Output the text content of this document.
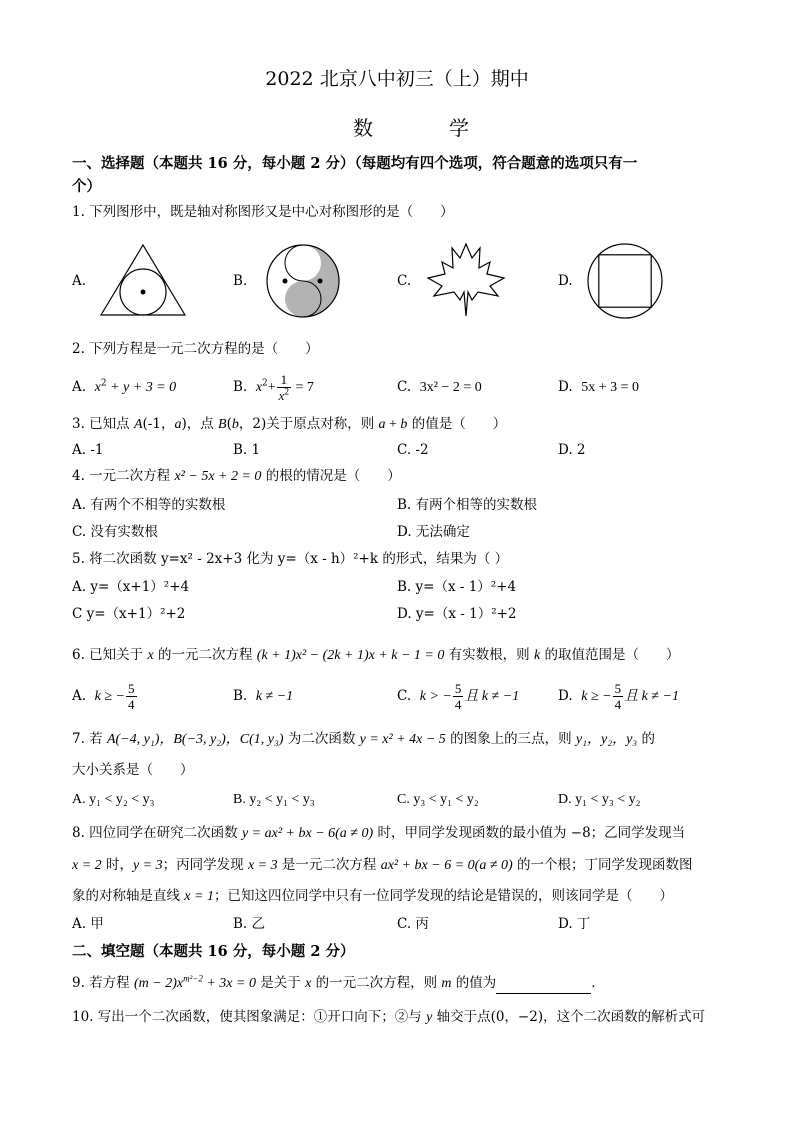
2022 北京八中初三（上）期中
数　学
一、选择题（本题共 16 分，每小题 2 分）（每题均有四个选项，符合题意的选项只有一
个）
1. 下列图形中，既是轴对称图形又是中心对称图形的是（　　）
A.	B.	C.	D.
2. 下列方程是一元二次方程的是（　　）
A. $x^2 + y + 3 = 0$	B. $x^2+ \frac{1}{x^2} = 7$	C. 3x² − 2 = 0	D. 5x + 3 = 0
3. 已知点 A(-1，a)，点 B(b，2)关于原点对称，则 a + b 的值是（　　）
A. -1	B. 1	C. -2	D. 2
4. 一元二次方程 x² − 5x + 2 = 0 的根的情况是（　　）
A. 有两个不相等的实数根	B. 有两个相等的实数根
C. 没有实数根	D. 无法确定
5. 将二次函数 y=x² - 2x+3 化为 y=（x - h）²+k 的形式，结果为（ ）
A. y=（x+1）²+4	B. y=（x - 1）²+4
C y=（x+1）²+2	D. y=（x - 1）²+2
6. 已知关于 x 的一元二次方程 (k + 1)x² − (2k + 1)x + k − 1 = 0 有实数根，则 k 的取值范围是（　　）
A. k ≥ − $\frac{5}{4}$	B. k ≠ −1	C. k > − $\frac{5}{4}$ 且 k ≠ −1	D. k ≥ − $\frac{5}{4}$ 且 k ≠ −1
7. 若 A(−4, y₁)，B(−3, y₂)，C(1, y₃) 为二次函数 y = x² + 4x − 5 的图象上的三点，则 y₁，y₂，y₃ 的
大小关系是（　　）
A. y₁ < y₂ < y₃	B. y₂ < y₁ < y₃	C. y₃ < y₁ < y₂	D. y₁ < y₃ < y₂
8. 四位同学在研究二次函数 y = ax² + bx − 6(a ≠ 0) 时，甲同学发现函数的最小值为 −8；乙同学发现当
x = 2 时，y = 3；丙同学发现 x = 3 是一元二次方程 ax² + bx − 6 = 0(a ≠ 0) 的一个根；丁同学发现函数图
象的对称轴是直线 x = 1；已知这四位同学中只有一位同学发现的结论是错误的，则该同学是（　　）
A. 甲	B. 乙	C. 丙	D. 丁
二、填空题（本题共 16 分，每小题 2 分）
9. 若方程 $(m - 2)x^{m^2-2} + 3x = 0$ 是关于 x 的一元二次方程，则 m 的值为	．
10. 写出一个二次函数，使其图象满足：①开口向下；②与 y 轴交于点(0，−2)，这个二次函数的解析式可
